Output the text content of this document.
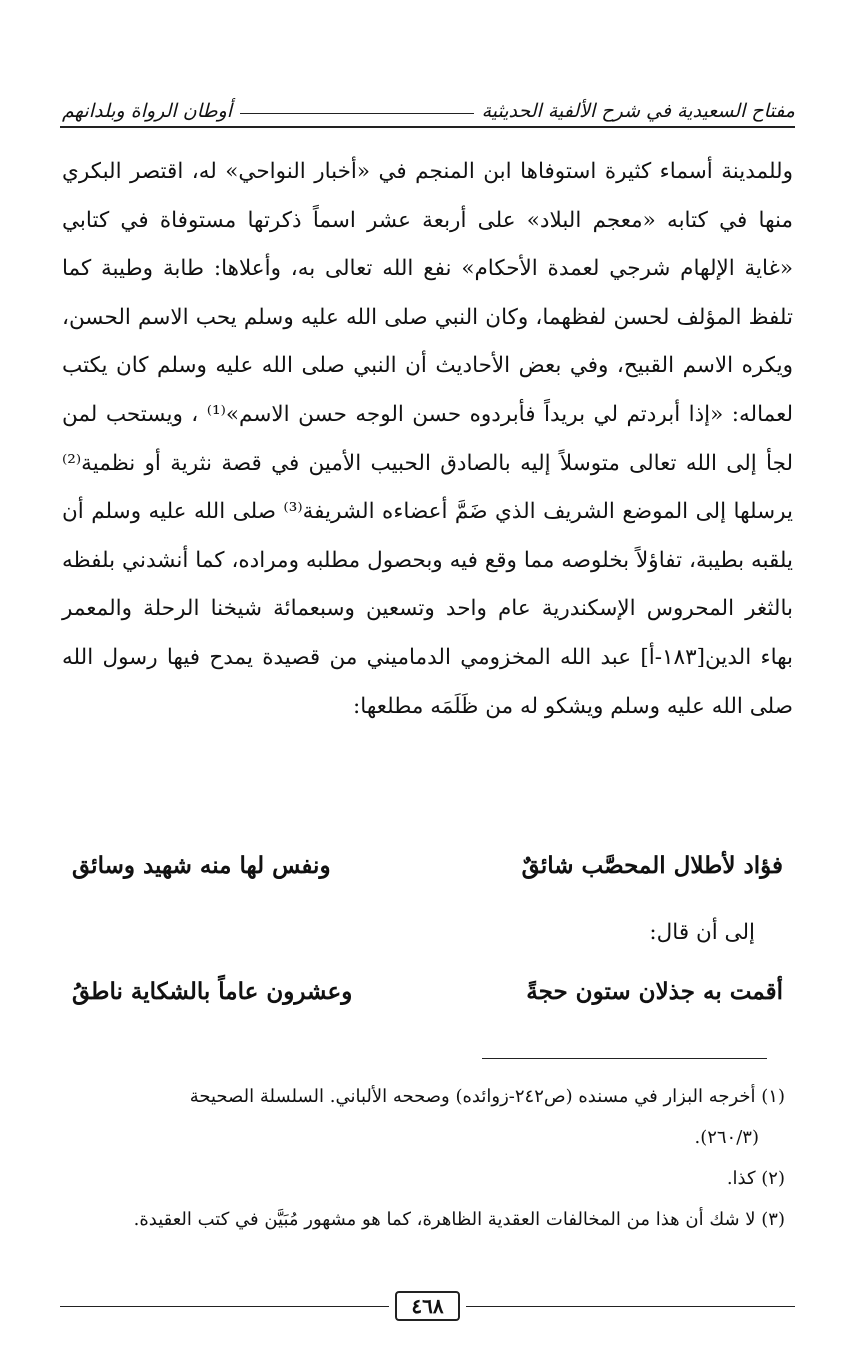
مفتاح السعيدية في شرح الألفية الحديثية
أوطان الرواة وبلدانهم

وللمدينة أسماء كثيرة استوفاها ابن المنجم في «أخبار النواحي» له، اقتصر البكري منها في كتابه «معجم البلاد» على أربعة عشر اسماً ذكرتها مستوفاة في كتابي «غاية الإلهام شرجي لعمدة الأحكام» نفع الله تعالى به، وأعلاها: طابة وطيبة كما تلفظ المؤلف لحسن لفظهما، وكان النبي صلى الله عليه وسلم يحب الاسم الحسن، ويكره الاسم القبيح، وفي بعض الأحاديث أن النبي صلى الله عليه وسلم كان يكتب لعماله: «إذا أبردتم لي بريداً فأبردوه حسن الوجه حسن الاسم»⁽¹⁾ ، ويستحب لمن لجأ إلى الله تعالى متوسلاً إليه بالصادق الحبيب الأمين في قصة نثرية أو نظمية⁽²⁾ يرسلها إلى الموضع الشريف الذي ضَمَّ أعضاءه الشريفة⁽³⁾ صلى الله عليه وسلم أن يلقبه بطيبة، تفاؤلاً بخلوصه مما وقع فيه وبحصول مطلبه ومراده، كما أنشدني بلفظه بالثغر المحروس الإسكندرية عام واحد وتسعين وسبعمائة شيخنا الرحلة والمعمر بهاء الدين[١٨٣-أ] عبد الله المخزومي الدماميني من قصيدة يمدح فيها رسول الله صلى الله عليه وسلم ويشكو له من ظَلَمَه مطلعها:

فؤاد لأطلال المحصَّب شائقٌ
ونفس لها منه شهيد وسائق
إلى أن قال:
أقمت به جذلان ستون حجةً
وعشرون عاماً بالشكاية ناطقُ

(١) أخرجه البزار في مسنده (ص٢٤٢-زوائده) وصححه الألباني. السلسلة الصحيحة

(٢٦٠/٣).

(٢) كذا.

(٣) لا شك أن هذا من المخالفات العقدية الظاهرة، كما هو مشهور مُبَيَّن في كتب العقيدة.

٤٦٨
